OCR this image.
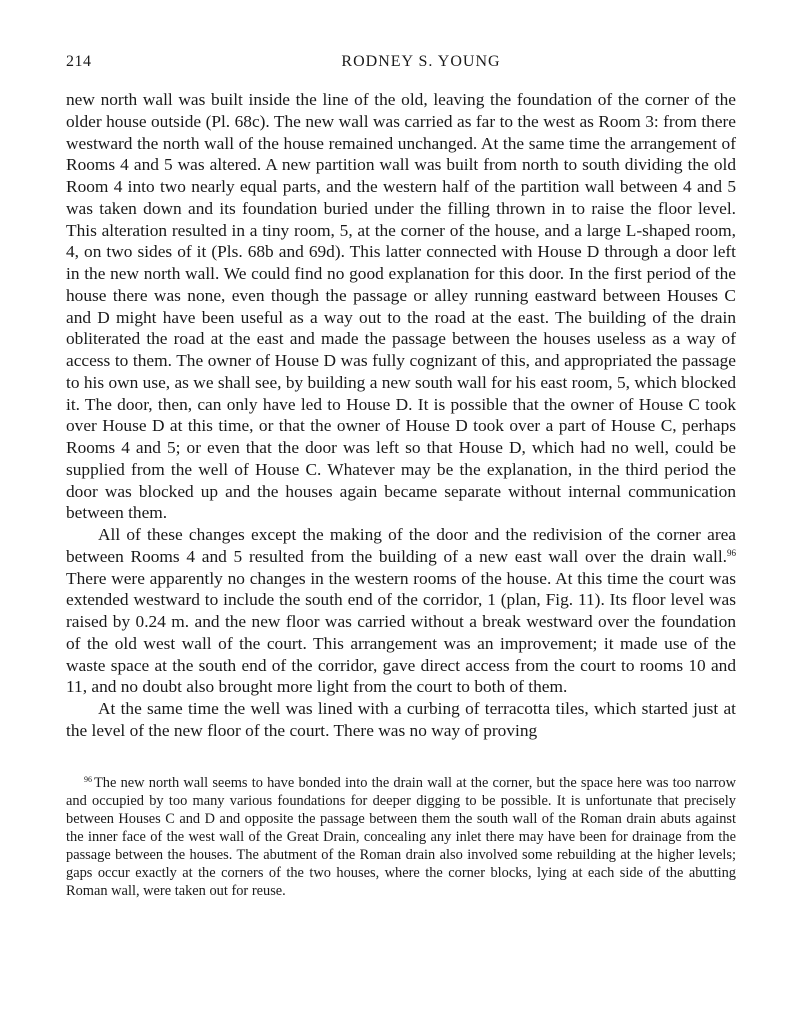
214	RODNEY S. YOUNG

new north wall was built inside the line of the old, leaving the foundation of the corner of the older house outside (Pl. 68c). The new wall was carried as far to the west as Room 3: from there westward the north wall of the house remained unchanged. At the same time the arrangement of Rooms 4 and 5 was altered. A new partition wall was built from north to south dividing the old Room 4 into two nearly equal parts, and the western half of the partition wall between 4 and 5 was taken down and its foundation buried under the filling thrown in to raise the floor level. This alteration resulted in a tiny room, 5, at the corner of the house, and a large L-shaped room, 4, on two sides of it (Pls. 68b and 69d). This latter connected with House D through a door left in the new north wall. We could find no good explanation for this door. In the first period of the house there was none, even though the passage or alley running eastward between Houses C and D might have been useful as a way out to the road at the east. The building of the drain obliterated the road at the east and made the passage between the houses useless as a way of access to them. The owner of House D was fully cognizant of this, and appropriated the passage to his own use, as we shall see, by building a new south wall for his east room, 5, which blocked it. The door, then, can only have led to House D. It is possible that the owner of House C took over House D at this time, or that the owner of House D took over a part of House C, perhaps Rooms 4 and 5; or even that the door was left so that House D, which had no well, could be supplied from the well of House C. Whatever may be the explanation, in the third period the door was blocked up and the houses again became separate without internal communication between them.

All of these changes except the making of the door and the redivision of the corner area between Rooms 4 and 5 resulted from the building of a new east wall over the drain wall.$^{96}$ There were apparently no changes in the western rooms of the house. At this time the court was extended westward to include the south end of the corridor, 1 (plan, Fig. 11). Its floor level was raised by 0.24 m. and the new floor was carried without a break westward over the foundation of the old west wall of the court. This arrangement was an improvement; it made use of the waste space at the south end of the corridor, gave direct access from the court to rooms 10 and 11, and no doubt also brought more light from the court to both of them.

At the same time the well was lined with a curbing of terracotta tiles, which started just at the level of the new floor of the court. There was no way of proving

$^{96}$ The new north wall seems to have bonded into the drain wall at the corner, but the space here was too narrow and occupied by too many various foundations for deeper digging to be possible. It is unfortunate that precisely between Houses C and D and opposite the passage between them the south wall of the Roman drain abuts against the inner face of the west wall of the Great Drain, concealing any inlet there may have been for drainage from the passage between the houses. The abutment of the Roman drain also involved some rebuilding at the higher levels; gaps occur exactly at the corners of the two houses, where the corner blocks, lying at each side of the abutting Roman wall, were taken out for reuse.
